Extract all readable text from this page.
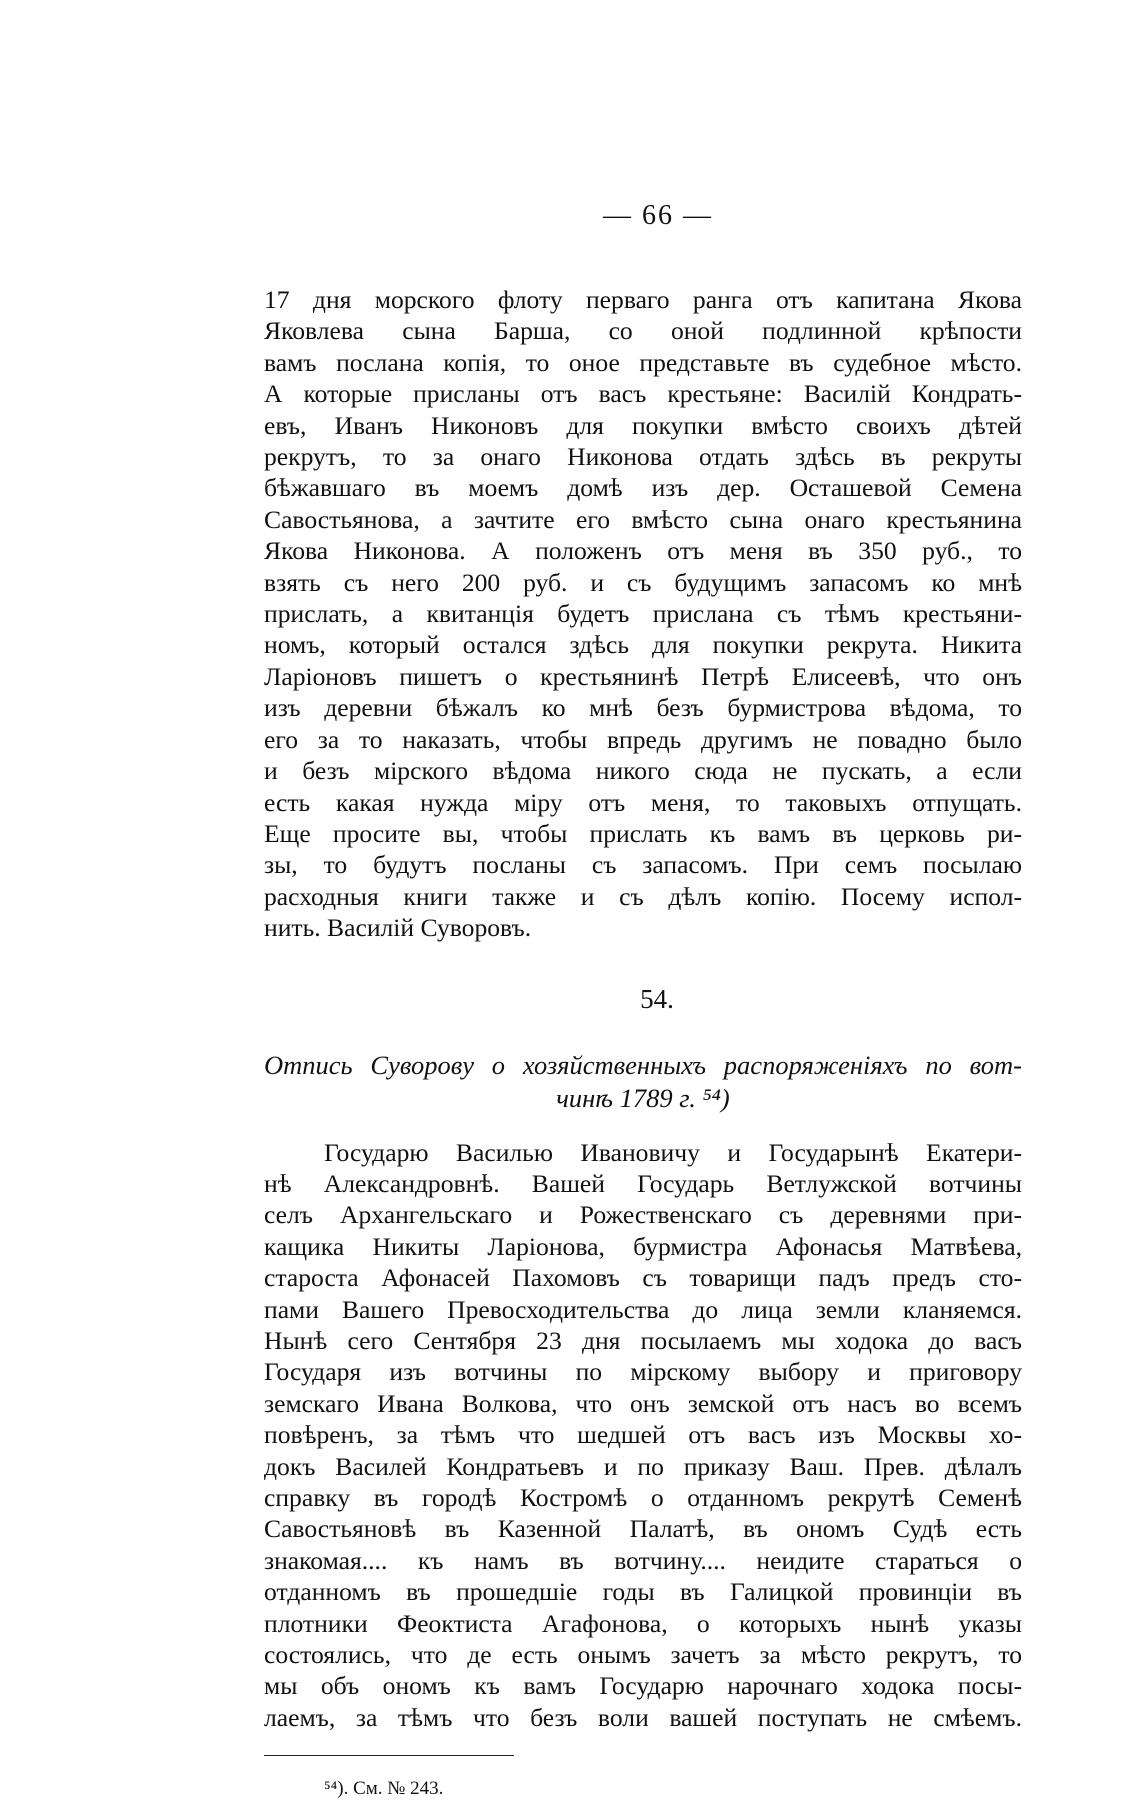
— 66 —
17 дня морского флоту перваго ранга отъ капитана Якова
Яковлева сына Барша, со оной подлинной крѣпости
вамъ послана копія, то оное представьте въ судебное мѣсто.
А которые присланы отъ васъ крестьяне: Василій Кондрать-
евъ, Иванъ Никоновъ для покупки вмѣсто своихъ дѣтей
рекрутъ, то за онаго Никонова отдать здѣсь въ рекруты
бѣжавшаго въ моемъ домѣ изъ дер. Осташевой Семена
Савостьянова, а зачтите его вмѣсто сына онаго крестьянина
Якова Никонова. А положенъ отъ меня въ 350 руб., то
взять съ него 200 руб. и съ будущимъ запасомъ ко мнѣ
прислать, а квитанція будетъ прислана съ тѣмъ крестьяни-
номъ, который остался здѣсь для покупки рекрута. Никита
Ларіоновъ пишетъ о крестьянинѣ Петрѣ Елисеевѣ, что онъ
изъ деревни бѣжалъ ко мнѣ безъ бурмистрова вѣдома, то
его за то наказать, чтобы впредь другимъ не повадно было
и безъ мірского вѣдома никого сюда не пускать, а если
есть какая нужда міру отъ меня, то таковыхъ отпущать.
Еще просите вы, чтобы прислать къ вамъ въ церковь ри-
зы, то будутъ посланы съ запасомъ. При семъ посылаю
расходныя книги также и съ дѣлъ копію. Посему испол-
нить. Василій Суворовъ.
54.
Отпись Суворову о хозяйственныхъ распоряженіяхъ по вот-
чинѣ 1789 г. ⁵⁴)
Государю Василью Ивановичу и Государынѣ Екатери-
нѣ Александровнѣ. Вашей Государь Ветлужской вотчины
селъ Архангельскаго и Рожественскаго съ деревнями при-
кащика Никиты Ларіонова, бурмистра Афонасья Матвѣева,
староста Афонасей Пахомовъ съ товарищи падъ предъ сто-
пами Вашего Превосходительства до лица земли кланяемся.
Нынѣ сего Сентября 23 дня посылаемъ мы ходока до васъ
Государя изъ вотчины по мірскому выбору и приговору
земскаго Ивана Волкова, что онъ земской отъ насъ во всемъ
повѣренъ, за тѣмъ что шедшей отъ васъ изъ Москвы хо-
докъ Василей Кондратьевъ и по приказу Ваш. Прев. дѣлалъ
справку въ городѣ Костромѣ о отданномъ рекрутѣ Семенѣ
Савостьяновѣ въ Казенной Палатѣ, въ ономъ Судѣ есть
знакомая.... къ намъ въ вотчину.... неидите стараться о
отданномъ въ прошедшіе годы въ Галицкой провинціи въ
плотники Феоктиста Агафонова, о которыхъ нынѣ указы
состоялись, что де есть онымъ зачетъ за мѣсто рекрутъ, то
мы объ ономъ къ вамъ Государю нарочнаго ходока посы-
лаемъ, за тѣмъ что безъ воли вашей поступать не смѣемъ.
⁵⁴). См. № 243.
